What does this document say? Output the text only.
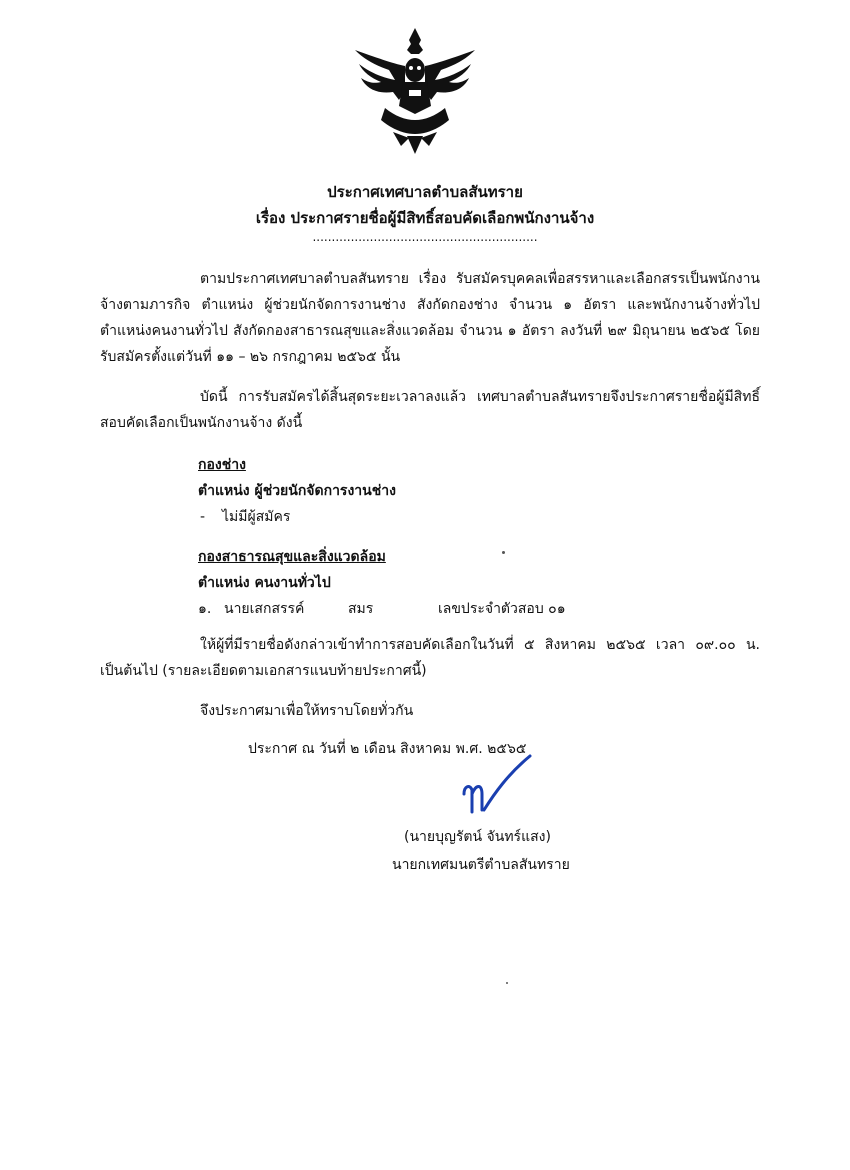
ประกาศเทศบาลตำบลสันทราย
เรื่อง ประกาศรายชื่อผู้มีสิทธิ์สอบคัดเลือกพนักงานจ้าง
...........................................................
ตามประกาศเทศบาลตำบลสันทราย เรื่อง รับสมัครบุคคลเพื่อสรรหาและเลือกสรรเป็นพนักงานจ้างตามภารกิจ ตำแหน่ง ผู้ช่วยนักจัดการงานช่าง สังกัดกองช่าง จำนวน ๑ อัตรา และพนักงานจ้างทั่วไป ตำแหน่งคนงานทั่วไป สังกัดกองสาธารณสุขและสิ่งแวดล้อม จำนวน ๑ อัตรา ลงวันที่ ๒๙ มิถุนายน ๒๕๖๕ โดยรับสมัครตั้งแต่วันที่ ๑๑ – ๒๖ กรกฎาคม ๒๕๖๕ นั้น
บัดนี้ การรับสมัครได้สิ้นสุดระยะเวลาลงแล้ว เทศบาลตำบลสันทรายจึงประกาศรายชื่อผู้มีสิทธิ์สอบคัดเลือกเป็นพนักงานจ้าง ดังนี้
กองช่าง
ตำแหน่ง ผู้ช่วยนักจัดการงานช่าง
- ไม่มีผู้สมัคร
กองสาธารณสุขและสิ่งแวดล้อม
ตำแหน่ง คนงานทั่วไป
๑. นายเสกสรรค์	สมร	เลขประจำตัวสอบ ๐๑
ให้ผู้ที่มีรายชื่อดังกล่าวเข้าทำการสอบคัดเลือกในวันที่ ๕ สิงหาคม ๒๕๖๕ เวลา ๐๙.๐๐ น. เป็นต้นไป (รายละเอียดตามเอกสารแนบท้ายประกาศนี้)
จึงประกาศมาเพื่อให้ทราบโดยทั่วกัน
ประกาศ ณ วันที่ ๒ เดือน สิงหาคม พ.ศ. ๒๕๖๕
(นายบุญรัตน์ จันทร์แสง)
นายกเทศมนตรีตำบลสันทราย
